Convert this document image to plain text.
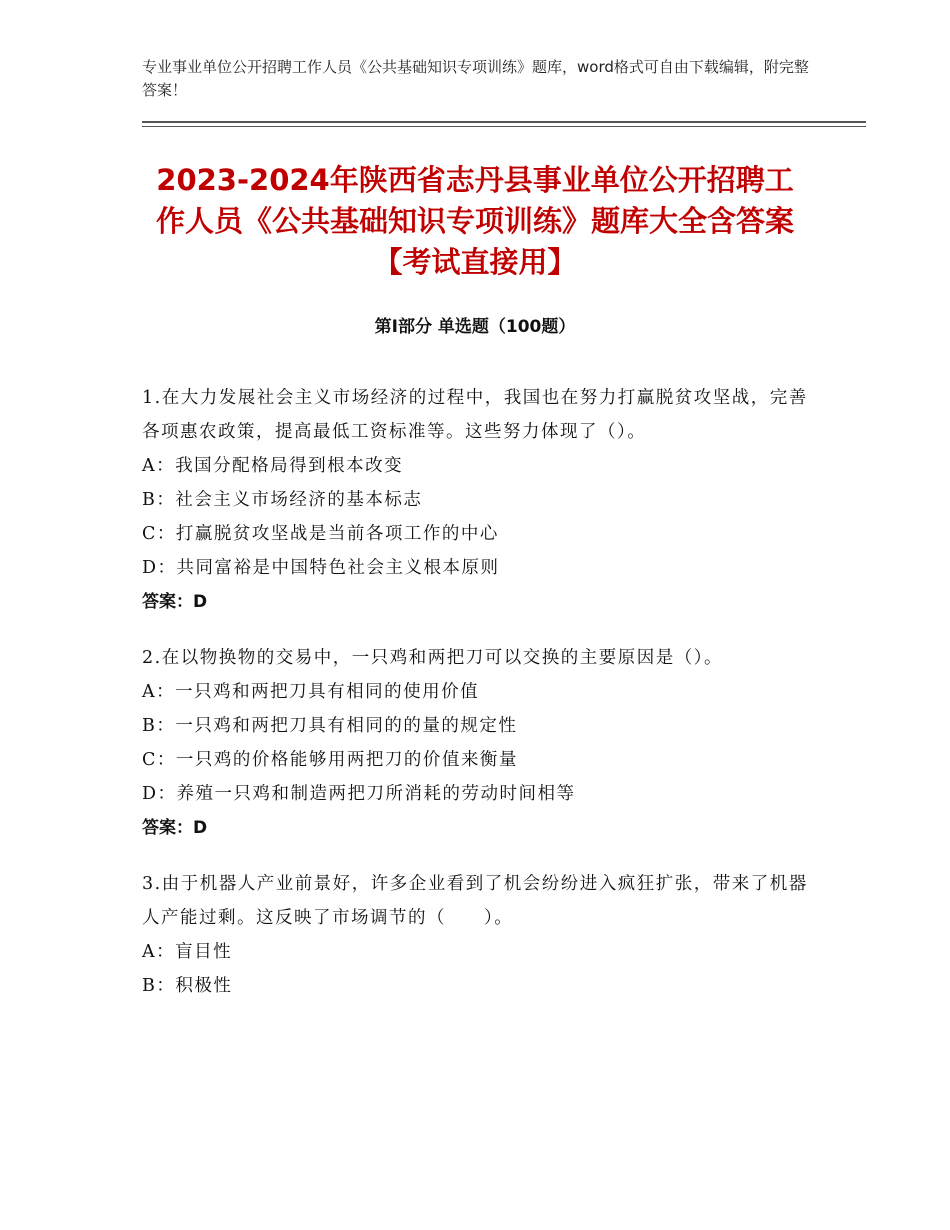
专业事业单位公开招聘工作人员《公共基础知识专项训练》题库，word格式可自由下载编辑，附完整答案！
2023-2024年陕西省志丹县事业单位公开招聘工作人员《公共基础知识专项训练》题库大全含答案【考试直接用】
第Ⅰ部分 单选题（100题）

1.在大力发展社会主义市场经济的过程中，我国也在努力打赢脱贫攻坚战，完善各项惠农政策，提高最低工资标准等。这些努力体现了（）。

A：我国分配格局得到根本改变

B：社会主义市场经济的基本标志

C：打赢脱贫攻坚战是当前各项工作的中心

D：共同富裕是中国特色社会主义根本原则

答案：D

2.在以物换物的交易中，一只鸡和两把刀可以交换的主要原因是（）。

A：一只鸡和两把刀具有相同的使用价值

B：一只鸡和两把刀具有相同的的量的规定性

C：一只鸡的价格能够用两把刀的价值来衡量

D：养殖一只鸡和制造两把刀所消耗的劳动时间相等

答案：D

3.由于机器人产业前景好，许多企业看到了机会纷纷进入疯狂扩张，带来了机器人产能过剩。这反映了市场调节的（　　）。

A：盲目性

B：积极性
